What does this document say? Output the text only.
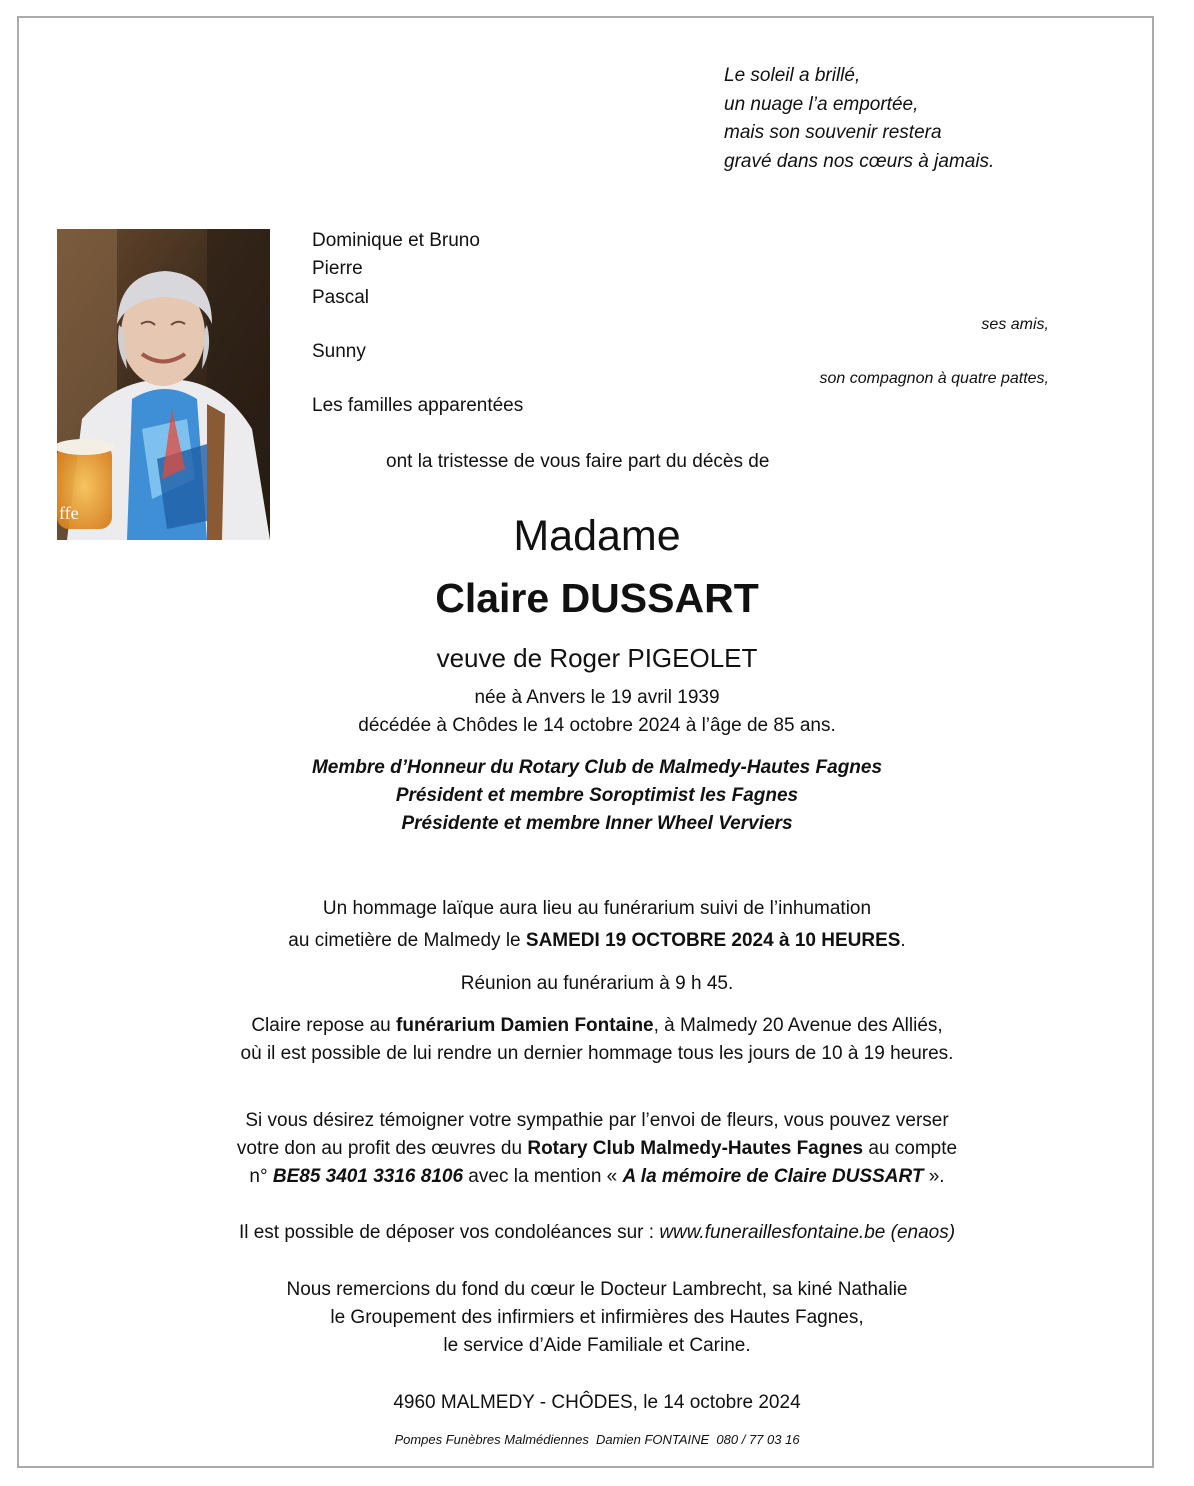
Le soleil a brillé,
un nuage l’a emportée,
mais son souvenir restera
gravé dans nos cœurs à jamais.
ffe
Dominique et Bruno
Pierre
Pascal
ses amis,
Sunny
son compagnon à quatre pattes,
Les familles apparentées
ont la tristesse de vous faire part du décès de
Madame
Claire DUSSART
veuve de Roger PIGEOLET
née à Anvers le 19 avril 1939
décédée à Chôdes le 14 octobre 2024 à l’âge de 85 ans.
Membre d’Honneur du Rotary Club de Malmedy-Hautes Fagnes
Président et membre Soroptimist les Fagnes
Présidente et membre Inner Wheel Verviers
Un hommage laïque aura lieu au funérarium suivi de l’inhumation
au cimetière de Malmedy le SAMEDI 19 OCTOBRE 2024 à 10 HEURES.
Réunion au funérarium à 9 h 45.
Claire repose au funérarium Damien Fontaine, à Malmedy 20 Avenue des Alliés,
où il est possible de lui rendre un dernier hommage tous les jours de 10 à 19 heures.
Si vous désirez témoigner votre sympathie par l’envoi de fleurs, vous pouvez verser
votre don au profit des œuvres du Rotary Club Malmedy-Hautes Fagnes au compte
n° BE85 3401 3316 8106 avec la mention « A la mémoire de Claire DUSSART ».
Il est possible de déposer vos condoléances sur : www.funeraillesfontaine.be (enaos)
Nous remercions du fond du cœur le Docteur Lambrecht, sa kiné Nathalie
le Groupement des infirmiers et infirmières des Hautes Fagnes,
le service d’Aide Familiale et Carine.
4960 MALMEDY - CHÔDES, le 14 octobre 2024
Pompes Funèbres Malmédiennes  Damien FONTAINE  080 / 77 03 16
